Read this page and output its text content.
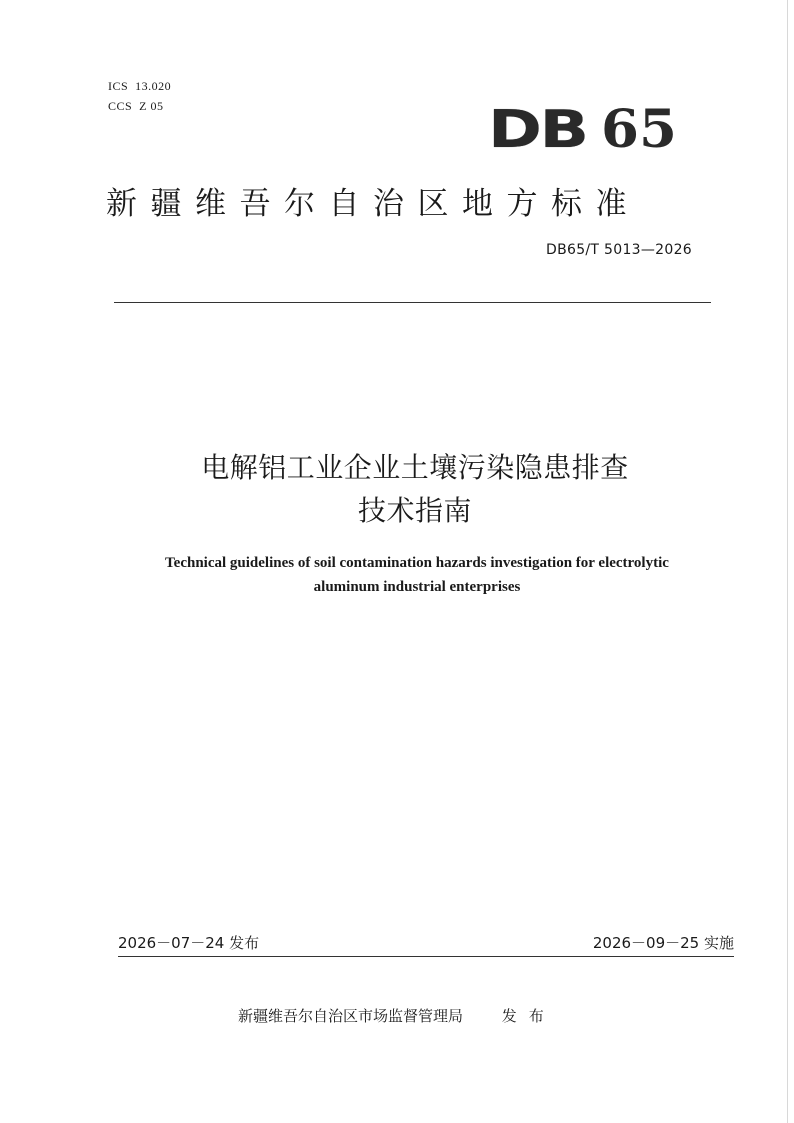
ICS  13.020
CCS  Z 05	DB 65
新疆维吾尔自治区地方标准
DB65/T 5013—2026
电解铝工业企业土壤污染隐患排查
技术指南
Technical guidelines of soil contamination hazards investigation for electrolytic
aluminum industrial enterprises
2026－07－24 发布	2026－09－25 实施
新疆维吾尔自治区市场监督管理局	发布
